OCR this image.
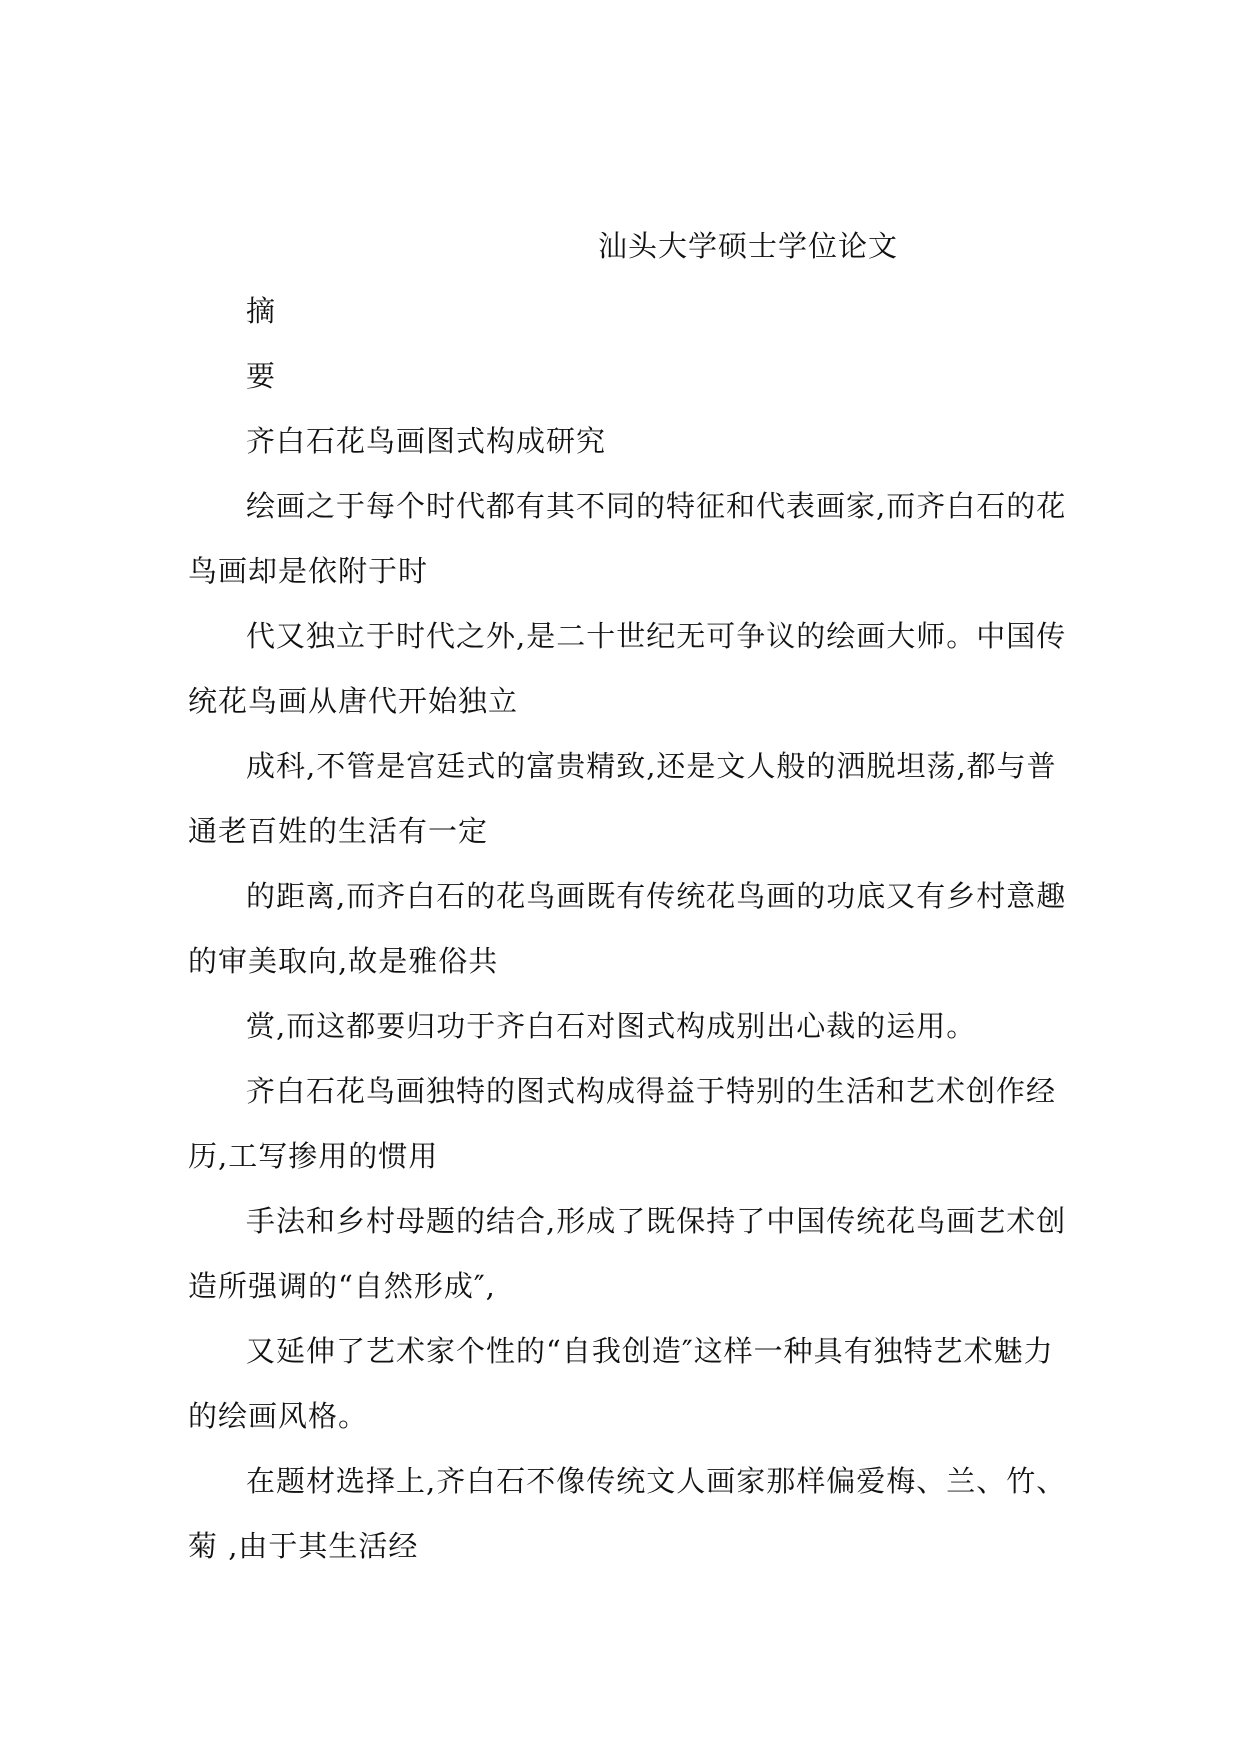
汕头大学硕士学位论文
摘
要
齐白石花鸟画图式构成研究
绘画之于每个时代都有其不同的特征和代表画家,而齐白石的花
鸟画却是依附于时
代又独立于时代之外,是二十世纪无可争议的绘画大师。中国传
统花鸟画从唐代开始独立
成科,不管是宫廷式的富贵精致,还是文人般的洒脱坦荡,都与普
通老百姓的生活有一定
的距离,而齐白石的花鸟画既有传统花鸟画的功底又有乡村意趣
的审美取向,故是雅俗共
赏,而这都要归功于齐白石对图式构成别出心裁的运用。
齐白石花鸟画独特的图式构成得益于特别的生活和艺术创作经
历,工写掺用的惯用
手法和乡村母题的结合,形成了既保持了中国传统花鸟画艺术创
造所强调的“自然形成″,
又延伸了艺术家个性的“自我创造″这样一种具有独特艺术魅力
的绘画风格。
在题材选择上,齐白石不像传统文人画家那样偏爱梅、兰、竹、
菊 ,由于其生活经
